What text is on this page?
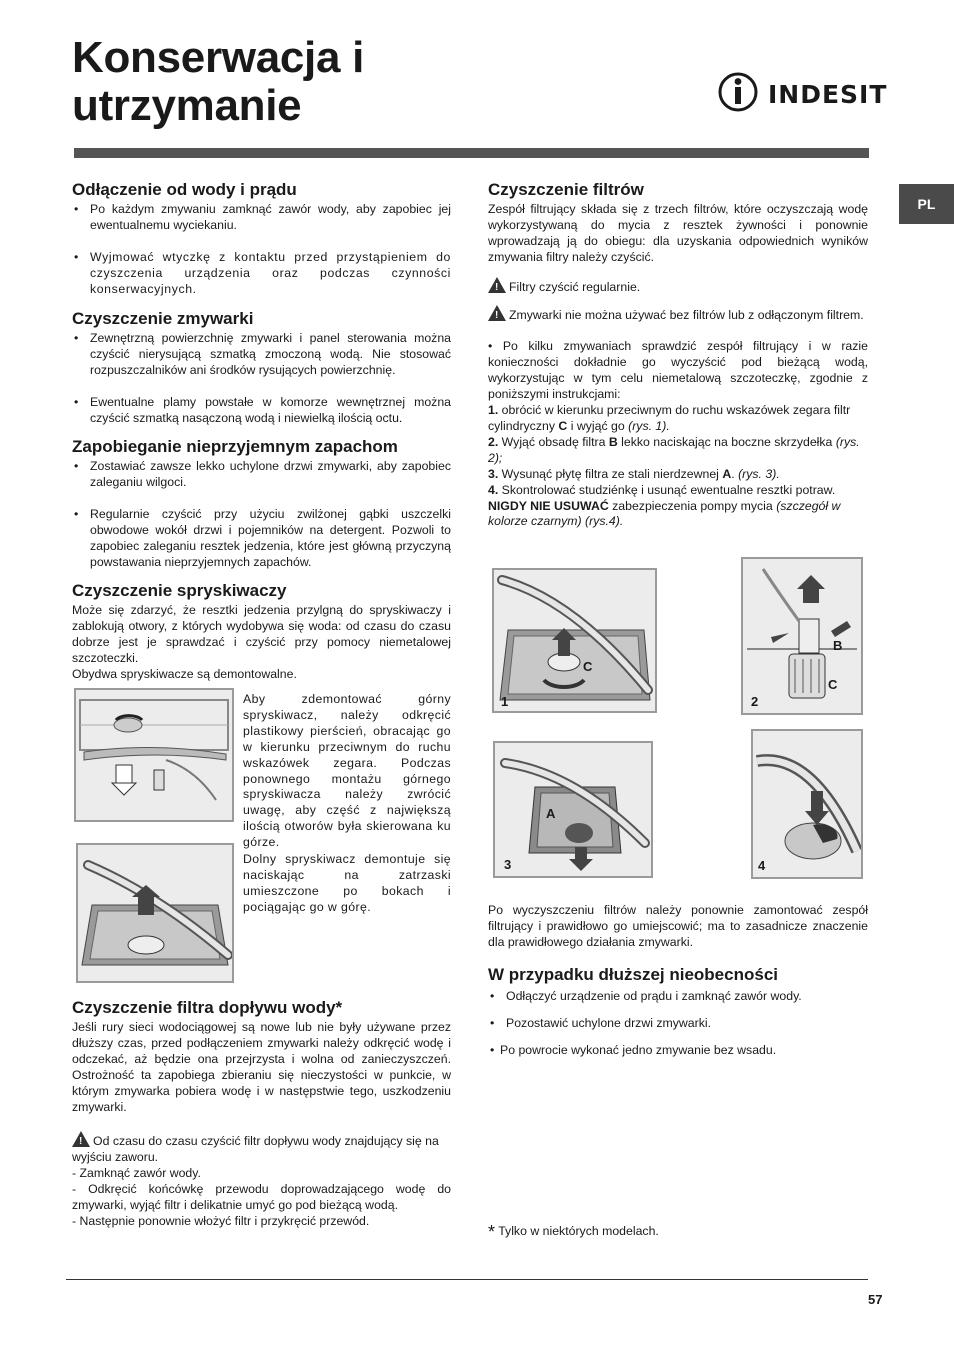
Konserwacja i utrzymanie	INDESIT
PL
Odłączenie od wody i prądu
• Po każdym zmywaniu zamknąć zawór wody, aby zapobiec jej ewentualnemu wyciekaniu.
• Wyjmować wtyczkę z kontaktu przed przystąpieniem do czyszczenia urządzenia oraz podczas czynności konserwacyjnych.
Czyszczenie zmywarki
• Zewnętrzną powierzchnię zmywarki i panel sterowania można czyścić nierysującą szmatką zmoczoną wodą. Nie stosować rozpuszczalników ani środków rysujących powierzchnię.
• Ewentualne plamy powstałe w komorze wewnętrznej można czyścić szmatką nasączoną wodą i niewielką ilością octu.
Zapobieganie nieprzyjemnym zapachom
• Zostawiać zawsze lekko uchylone drzwi zmywarki, aby zapobiec zaleganiu wilgoci.
• Regularnie czyścić przy użyciu zwilżonej gąbki uszczelki obwodowe wokół drzwi i pojemników na detergent. Pozwoli to zapobiec zaleganiu resztek jedzenia, które jest główną przyczyną powstawania nieprzyjemnych zapachów.
Czyszczenie spryskiwaczy

Może się zdarzyć, że resztki jedzenia przylgną do spryskiwaczy i zablokują otwory, z których wydobywa się woda: od czasu do czasu dobrze jest je sprawdzać i czyścić przy pomocy niemetalowej szczoteczki.

Obydwa spryskiwacze są demontowalne.

Aby zdemontować górny spryskiwacz, należy odkręcić plastikowy pierścień, obracając go w kierunku przeciwnym do ruchu wskazówek zegara. Podczas ponownego montażu górnego spryskiwacza należy zwrócić uwagę, aby część z największą ilością otworów była skierowana ku górze.
Dolny spryskiwacz demontuje się naciskając na zatrzaski umieszczone po bokach i pociągając go w górę.
Czyszczenie filtra dopływu wody*

Jeśli rury sieci wodociągowej są nowe lub nie były używane przez dłuższy czas, przed podłączeniem zmywarki należy odkręcić wodę i odczekać, aż będzie ona przejrzysta i wolna od zanieczyszczeń. Ostrożność ta zapobiega zbieraniu się nieczystości w punkcie, w którym zmywarka pobiera wodę i w następstwie tego, uszkodzeniu zmywarki.

!Od czasu do czasu czyścić filtr dopływu wody znajdujący się na wyjściu zaworu.

- Zamknąć zawór wody.

- Odkręcić końcówkę przewodu doprowadzającego wodę do zmywarki, wyjąć filtr i delikatnie umyć go pod bieżącą wodą.

- Następnie ponownie włożyć filtr i przykręcić przewód.

Czyszczenie filtrów

Zespół filtrujący składa się z trzech filtrów, które oczyszczają wodę wykorzystywaną do mycia z resztek żywności i ponownie wprowadzają ją do obiegu: dla uzyskania odpowiednich wyników zmywania filtry należy czyścić.

!Filtry czyścić regularnie.

!Zmywarki nie można używać bez filtrów lub z odłączonym filtrem.

• Po kilku zmywaniach sprawdzić zespół filtrujący i w razie konieczności dokładnie go wyczyścić pod bieżącą wodą, wykorzystując w tym celu niemetalową szczoteczkę, zgodnie z poniższymi instrukcjami:

1. obrócić w kierunku przeciwnym do ruchu wskazówek zegara filtr cylindryczny C i wyjąć go (rys. 1).

2. Wyjąć obsadę filtra B lekko naciskając na boczne skrzydełka (rys. 2);

3. Wysunąć płytę filtra ze stali nierdzewnej A. (rys. 3).

4. Skontrolować studziénkę i usunąć ewentualne resztki potraw.

NIGDY NIE USUWAĆ zabezpieczenia pompy mycia (szczegół w kolorze czarnym) (rys.4).

1
C
2
B
C
3
A
4
Po wyczyszczeniu filtrów należy ponownie zamontować zespół filtrujący i prawidłowo go umiejscowić; ma to zasadnicze znaczenie dla prawidłowego działania zmywarki.
W przypadku dłuższej nieobecności
• Odłączyć urządzenie od prądu i zamknąć zawór wody.
• Pozostawić uchylone drzwi zmywarki.
• Po powrocie wykonać jedno zmywanie bez wsadu.
* Tylko w niektórych modelach.
57
